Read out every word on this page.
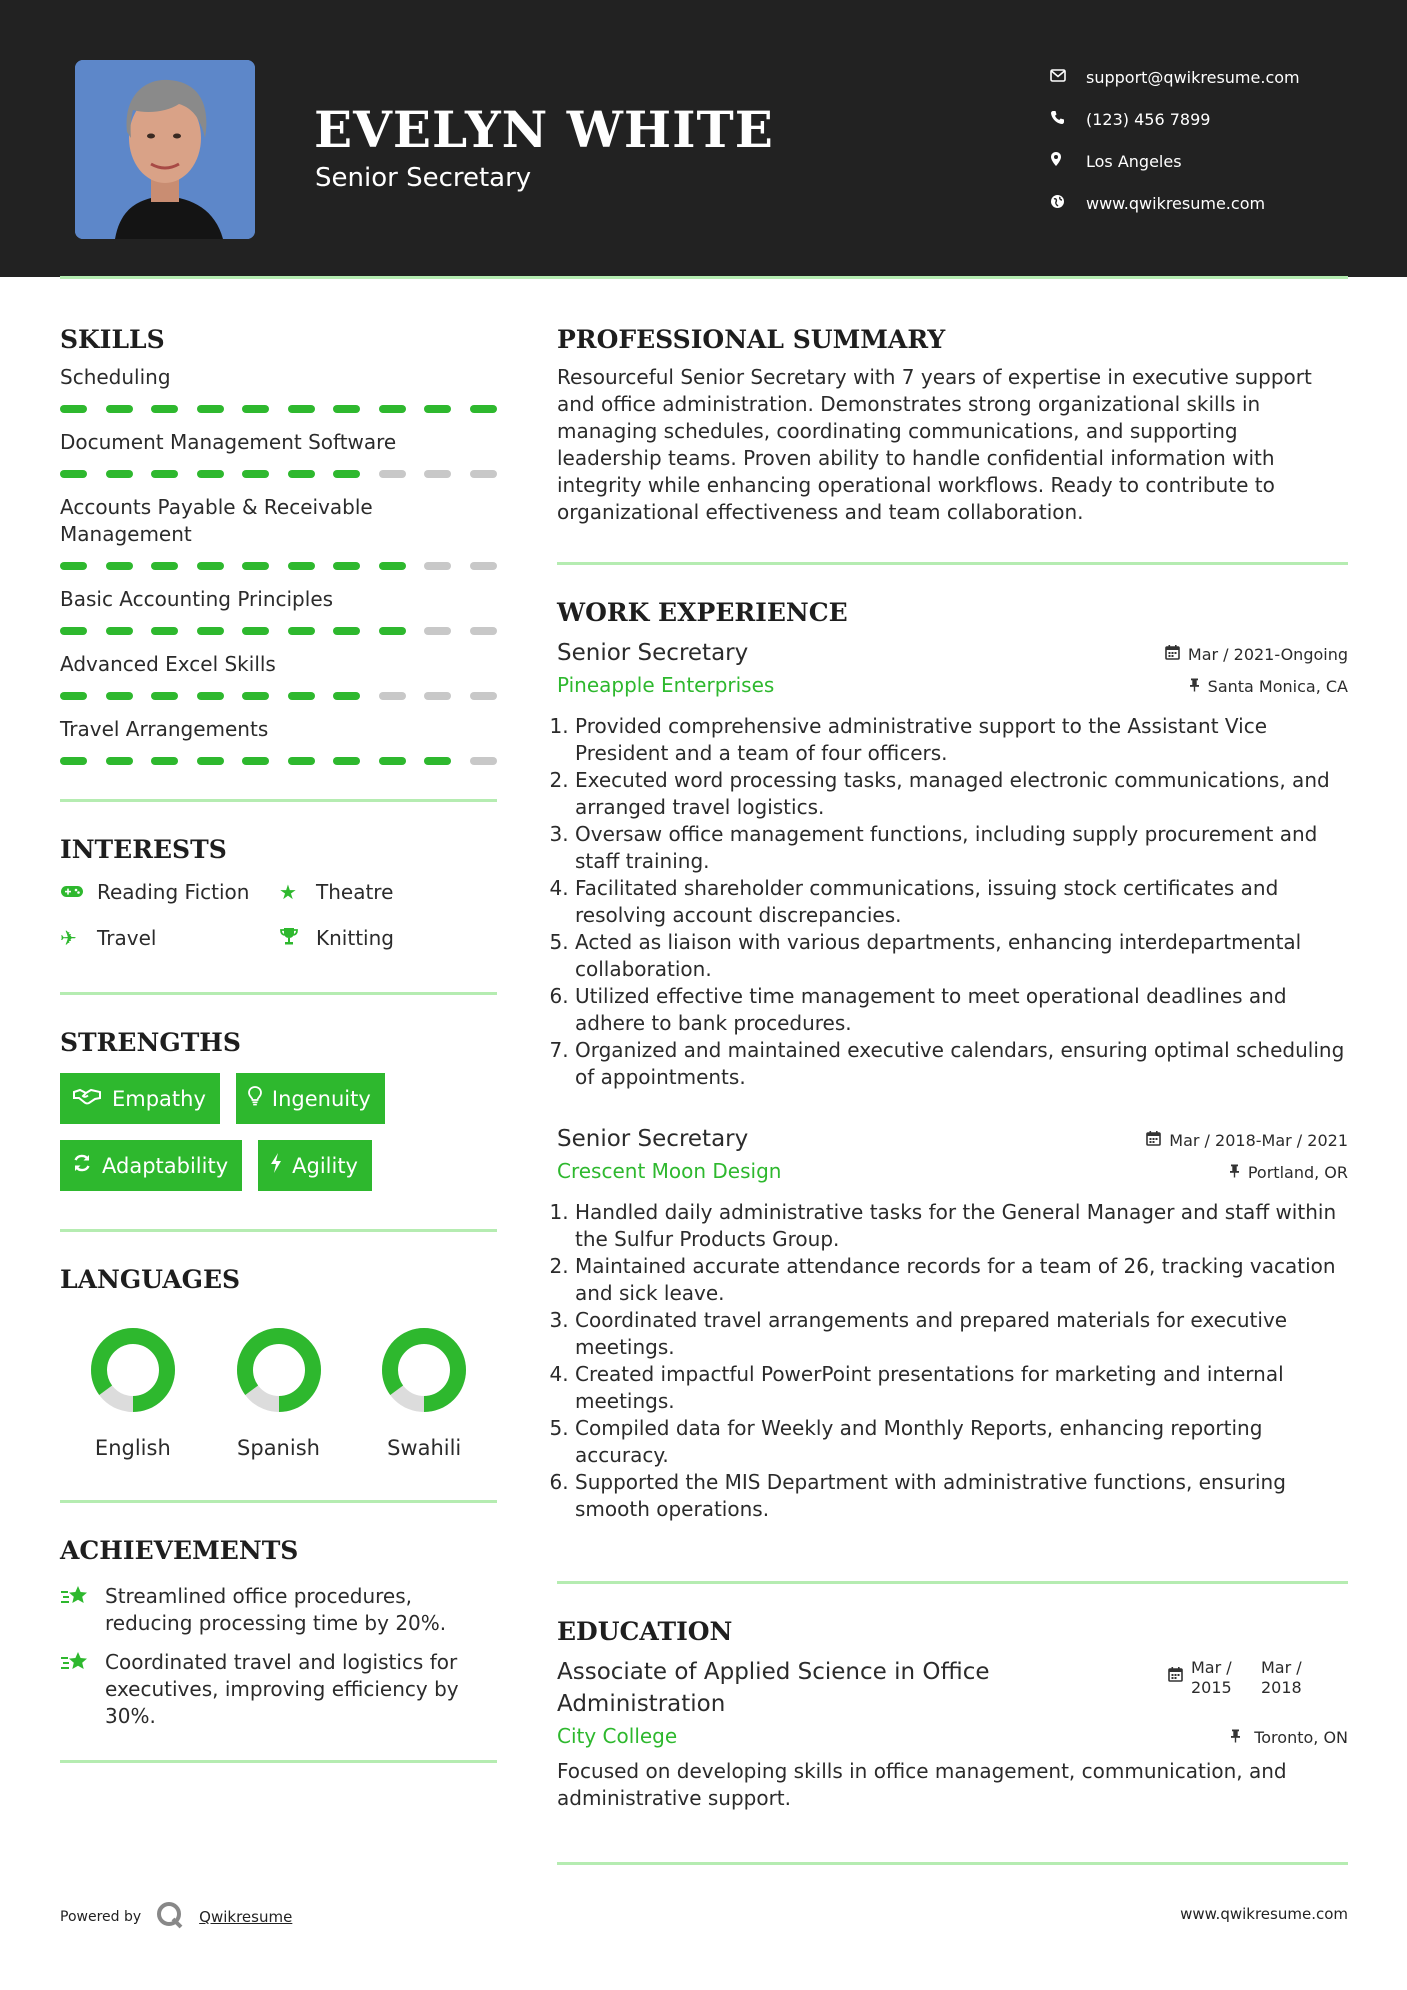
EVELYN WHITE
Senior Secretary
support@qwikresume.com
(123) 456 7899
Los Angeles
www.qwikresume.com
SKILLS
Scheduling
Document Management Software
Accounts Payable & Receivable Management
Basic Accounting Principles
Advanced Excel Skills
Travel Arrangements
INTERESTS
Reading Fiction ★ Theatre
✈	Travel	Knitting
STRENGTHS
Empathy	Ingenuity
Adaptability	Agility
LANGUAGES
English	Spanish	Swahili
ACHIEVEMENTS
Streamlined office procedures, reducing processing time by 20%.
Coordinated travel and logistics for executives, improving efficiency by 30%.
PROFESSIONAL SUMMARY
Resourceful Senior Secretary with 7 years of expertise in executive support and office administration. Demonstrates strong organizational skills in managing schedules, coordinating communications, and supporting leadership teams. Proven ability to handle confidential information with integrity while enhancing operational workflows. Ready to contribute to organizational effectiveness and team collaboration.
WORK EXPERIENCE
Senior Secretary	Mar / 2021-Ongoing
Pineapple Enterprises	Santa Monica, CA
1. Provided comprehensive administrative support to the Assistant Vice President and a team of four officers.
2. Executed word processing tasks, managed electronic communications, and arranged travel logistics.
3. Oversaw office management functions, including supply procurement and staff training.
4. Facilitated shareholder communications, issuing stock certificates and resolving account discrepancies.
5. Acted as liaison with various departments, enhancing interdepartmental collaboration.
6. Utilized effective time management to meet operational deadlines and adhere to bank procedures.
7. Organized and maintained executive calendars, ensuring optimal scheduling of appointments.
Senior Secretary	Mar / 2018-Mar / 2021
Crescent Moon Design	Portland, OR
1. Handled daily administrative tasks for the General Manager and staff within the Sulfur Products Group.
2. Maintained accurate attendance records for a team of 26, tracking vacation and sick leave.
3. Coordinated travel arrangements and prepared materials for executive meetings.
4. Created impactful PowerPoint presentations for marketing and internal meetings.
5. Compiled data for Weekly and Monthly Reports, enhancing reporting accuracy.
6. Supported the MIS Department with administrative functions, ensuring smooth operations.
EDUCATION
Associate of Applied Science in Office Administration
Mar / 2015
Mar / 2018
City College	Toronto, ON
Focused on developing skills in office management, communication, and administrative support.
Powered by	Qwikresume	www.qwikresume.com
